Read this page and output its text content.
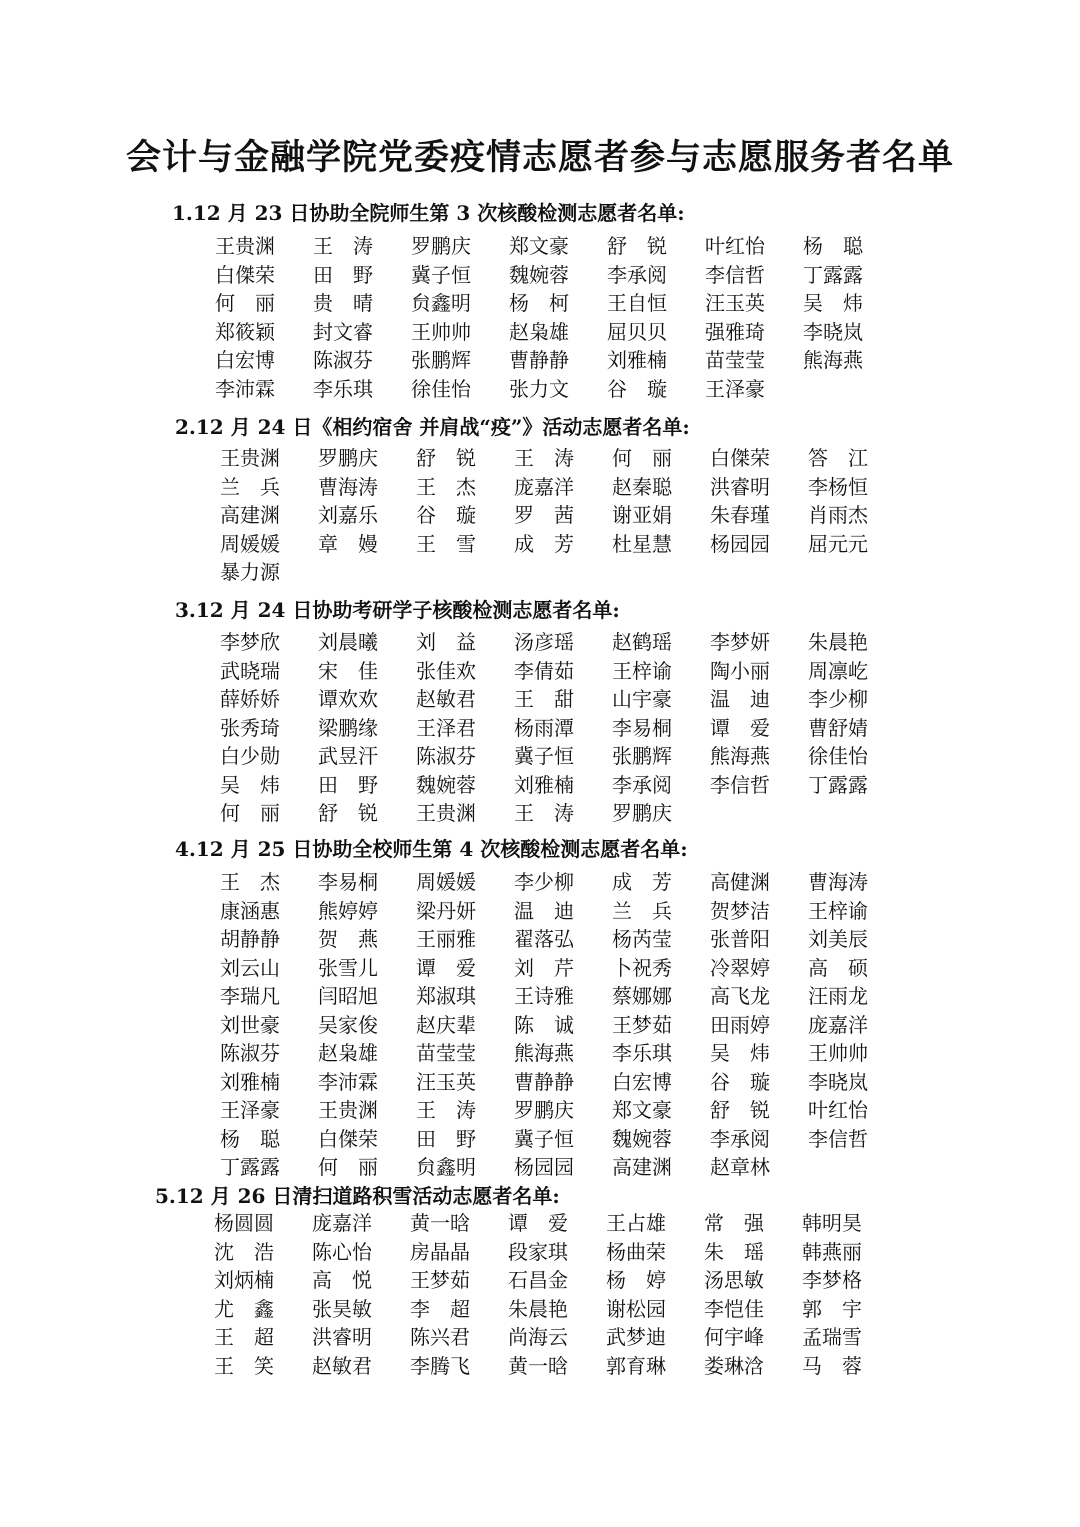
会计与金融学院党委疫情志愿者参与志愿服务者名单
1.12 月 23 日协助全院师生第 3 次核酸检测志愿者名单:
王贵渊	王　涛	罗鹏庆	郑文豪	舒　锐	叶红怡	杨　聪
白傑荣	田　野	冀子恒	魏婉蓉	李承阅	李信哲	丁露露
何　丽	贵　晴	贠鑫明	杨　柯	王自恒	汪玉英	吴　炜
郑筱颖	封文睿	王帅帅	赵枭雄	屈贝贝	强雅琦	李晓岚
白宏博	陈淑芬	张鹏辉	曹静静	刘雅楠	苗莹莹	熊海燕
李沛霖	李乐琪	徐佳怡	张力文	谷　璇	王泽豪
2.12 月 24 日《相约宿舍 并肩战“疫”》活动志愿者名单:
王贵渊	罗鹏庆	舒　锐	王　涛	何　丽	白傑荣	答　江
兰　兵	曹海涛	王　杰	庞嘉洋	赵秦聪	洪睿明	李杨恒
高建渊	刘嘉乐	谷　璇	罗　茜	谢亚娟	朱春瑾	肖雨杰
周媛媛	章　嫚	王　雪	成　芳	杜星慧	杨园园	屈元元
暴力源
3.12 月 24 日协助考研学子核酸检测志愿者名单:
李梦欣	刘晨曦	刘　益	汤彦瑶	赵鹤瑶	李梦妍	朱晨艳
武晓瑞	宋　佳	张佳欢	李倩茹	王梓谕	陶小丽	周凛屹
薛娇娇	谭欢欢	赵敏君	王　甜	山宇豪	温　迪	李少柳
张秀琦	梁鹏缘	王泽君	杨雨潭	李易桐	谭　爱	曹舒婧
白少勋	武昱汗	陈淑芬	冀子恒	张鹏辉	熊海燕	徐佳怡
吴　炜	田　野	魏婉蓉	刘雅楠	李承阅	李信哲	丁露露
何　丽	舒　锐	王贵渊	王　涛	罗鹏庆
4.12 月 25 日协助全校师生第 4 次核酸检测志愿者名单:
王　杰	李易桐	周媛媛	李少柳	成　芳	高健渊	曹海涛
康涵惠	熊婷婷	梁丹妍	温　迪	兰　兵	贺梦洁	王梓谕
胡静静	贺　燕	王丽雅	翟落弘	杨芮莹	张普阳	刘美辰
刘云山	张雪儿	谭　爱	刘　芹	卜祝秀	冷翠婷	高　硕
李瑞凡	闫昭旭	郑淑琪	王诗雅	蔡娜娜	高飞龙	汪雨龙
刘世豪	吴家俊	赵庆辈	陈　诚	王梦茹	田雨婷	庞嘉洋
陈淑芬	赵枭雄	苗莹莹	熊海燕	李乐琪	吴　炜	王帅帅
刘雅楠	李沛霖	汪玉英	曹静静	白宏博	谷　璇	李晓岚
王泽豪	王贵渊	王　涛	罗鹏庆	郑文豪	舒　锐	叶红怡
杨　聪	白傑荣	田　野	冀子恒	魏婉蓉	李承阅	李信哲
丁露露	何　丽	贠鑫明	杨园园	高建渊	赵章林
5.12 月 26 日清扫道路积雪活动志愿者名单:
杨圆圆	庞嘉洋	黄一晗	谭　爱	王占雄	常　强	韩明昊
沈　浩	陈心怡	房晶晶	段家琪	杨曲荣	朱　瑶	韩燕丽
刘炳楠	高　悦	王梦茹	石昌金	杨　婷	汤思敏	李梦格
尤　鑫	张昊敏	李　超	朱晨艳	谢松园	李恺佳	郭　宇
王　超	洪睿明	陈兴君	尚海云	武梦迪	何宇峰	孟瑞雪
王　笑	赵敏君	李腾飞	黄一晗	郭育琳	娄琳浛	马　蓉
